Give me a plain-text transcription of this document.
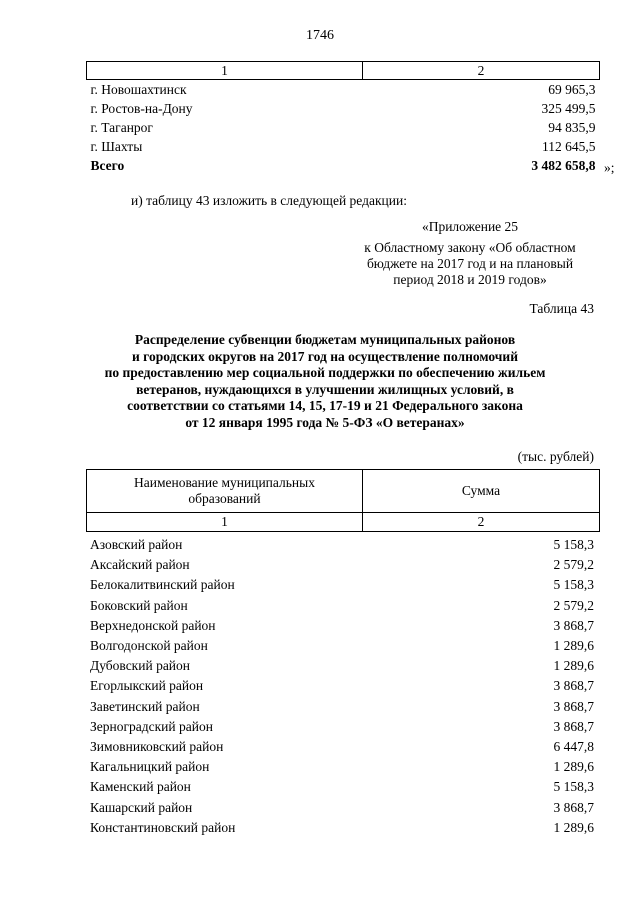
1746
1	2
г. Новошахтинск	69 965,3
г. Ростов-на-Дону	325 499,5
г. Таганрог	94 835,9
г. Шахты	112 645,5
Всего	3 482 658,8 »;
и) таблицу 43 изложить в следующей редакции:
«Приложение 25
к Областному закону «Об областном
бюджете на 2017 год и на плановый
период 2018 и 2019 годов»
Таблица 43
Распределение субвенции бюджетам муниципальных районов
и городских округов на 2017 год на осуществление полномочий
по предоставлению мер социальной поддержки по обеспечению жильем
ветеранов, нуждающихся в улучшении жилищных условий, в
соответствии со статьями 14, 15, 17-19 и 21 Федерального закона
от 12 января 1995 года № 5-ФЗ «О ветеранах»
(тыс. рублей)
Наименование муниципальных
образований	Сумма
1	2
Азовский район	5 158,3
Аксайский район	2 579,2
Белокалитвинский район	5 158,3
Боковский район	2 579,2
Верхнедонской район	3 868,7
Волгодонской район	1 289,6
Дубовский район	1 289,6
Егорлыкский район	3 868,7
Заветинский район	3 868,7
Зерноградский район	3 868,7
Зимовниковский район	6 447,8
Кагальницкий район	1 289,6
Каменский район	5 158,3
Кашарский район	3 868,7
Константиновский район	1 289,6
